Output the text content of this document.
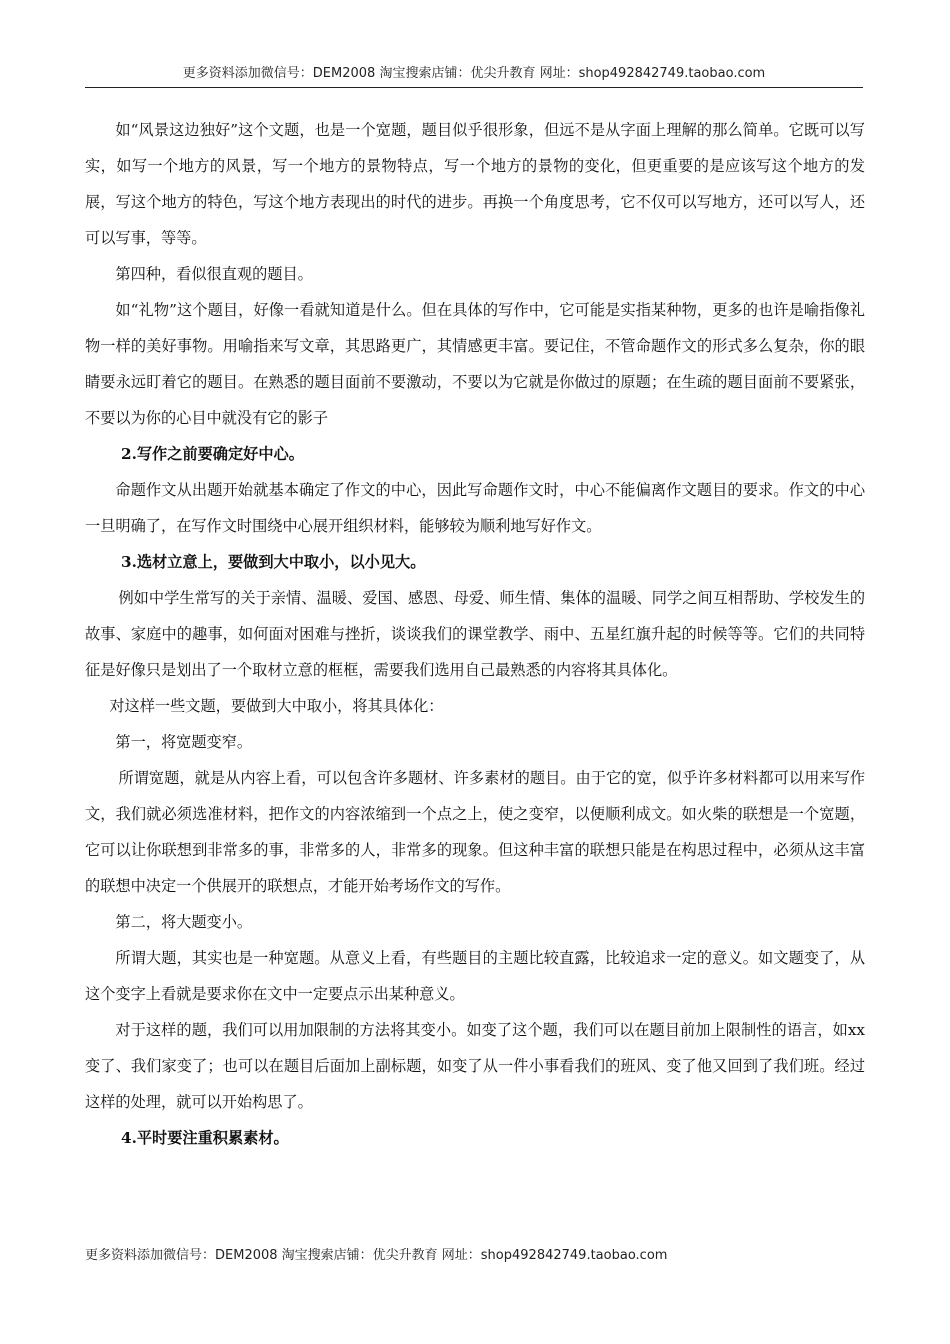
更多资料添加微信号：DEM2008 淘宝搜索店铺：优尖升教育 网址：shop492842749.taobao.com

如“风景这边独好”这个文题，也是一个宽题，题目似乎很形象，但远不是从字面上理解的那么简单。它既可以写实，如写一个地方的风景，写一个地方的景物特点，写一个地方的景物的变化，但更重要的是应该写这个地方的发展，写这个地方的特色，写这个地方表现出的时代的进步。再换一个角度思考，它不仅可以写地方，还可以写人，还可以写事，等等。

第四种，看似很直观的题目。

如“礼物”这个题目，好像一看就知道是什么。但在具体的写作中，它可能是实指某种物，更多的也许是喻指像礼物一样的美好事物。用喻指来写文章，其思路更广，其情感更丰富。要记住，不管命题作文的形式多么复杂，你的眼睛要永远盯着它的题目。在熟悉的题目面前不要激动，不要以为它就是你做过的原题；在生疏的题目面前不要紧张，不要以为你的心目中就没有它的影子

2.写作之前要确定好中心。

命题作文从出题开始就基本确定了作文的中心，因此写命题作文时，中心不能偏离作文题目的要求。作文的中心一旦明确了，在写作文时围绕中心展开组织材料，能够较为顺利地写好作文。

3.选材立意上，要做到大中取小，以小见大。

例如中学生常写的关于亲情、温暖、爱国、感恩、母爱、师生情、集体的温暖、同学之间互相帮助、学校发生的故事、家庭中的趣事，如何面对困难与挫折，谈谈我们的课堂教学、雨中、五星红旗升起的时候等等。它们的共同特征是好像只是划出了一个取材立意的框框，需要我们选用自己最熟悉的内容将其具体化。

对这样一些文题，要做到大中取小，将其具体化：

第一，将宽题变窄。

所谓宽题，就是从内容上看，可以包含许多题材、许多素材的题目。由于它的宽，似乎许多材料都可以用来写作文，我们就必须选准材料，把作文的内容浓缩到一个点之上，使之变窄，以便顺利成文。如火柴的联想是一个宽题，它可以让你联想到非常多的事，非常多的人，非常多的现象。但这种丰富的联想只能是在构思过程中，必须从这丰富的联想中决定一个供展开的联想点，才能开始考场作文的写作。

第二，将大题变小。

所谓大题，其实也是一种宽题。从意义上看，有些题目的主题比较直露，比较追求一定的意义。如文题变了，从这个变字上看就是要求你在文中一定要点示出某种意义。

对于这样的题，我们可以用加限制的方法将其变小。如变了这个题，我们可以在题目前加上限制性的语言，如xx变了、我们家变了；也可以在题目后面加上副标题，如变了从一件小事看我们的班风、变了他又回到了我们班。经过这样的处理，就可以开始构思了。

4.平时要注重积累素材。

更多资料添加微信号：DEM2008 淘宝搜索店铺：优尖升教育 网址：shop492842749.taobao.com
